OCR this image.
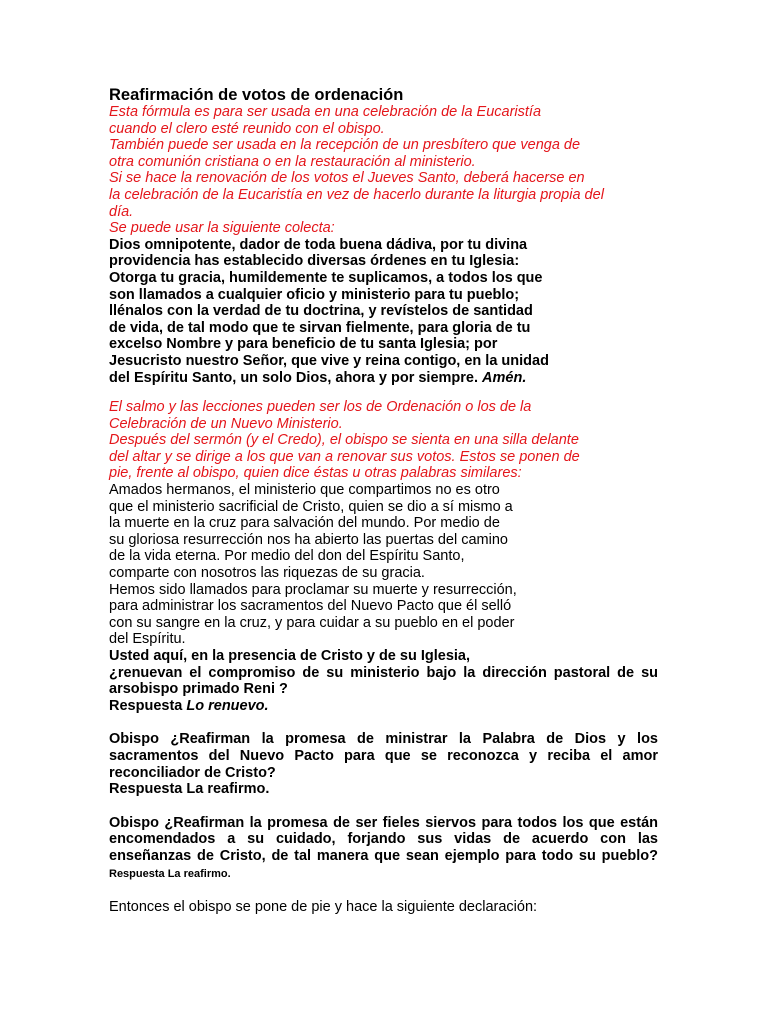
Reafirmación de votos de ordenación
Esta fórmula es para ser usada en una celebración de la Eucaristía
cuando el clero esté reunido con el obispo.
También puede ser usada en la recepción de un presbítero que venga de
otra comunión cristiana o en la restauración al ministerio.
Si se hace la renovación de los votos el Jueves Santo, deberá hacerse en
la celebración de la Eucaristía en vez de hacerlo durante la liturgia propia del
día.
Se puede usar la siguiente colecta:
Dios omnipotente, dador de toda buena dádiva, por tu divina
providencia has establecido diversas órdenes en tu Iglesia:
Otorga tu gracia, humildemente te suplicamos, a todos los que
son llamados a cualquier oficio y ministerio para tu pueblo;
llénalos con la verdad de tu doctrina, y revístelos de santidad
de vida, de tal modo que te sirvan fielmente, para gloria de tu
excelso Nombre y para beneficio de tu santa Iglesia; por
Jesucristo nuestro Señor, que vive y reina contigo, en la unidad
del Espíritu Santo, un solo Dios, ahora y por siempre. Amén.
El salmo y las lecciones pueden ser los de Ordenación o los de la
Celebración de un Nuevo Ministerio.
Después del sermón (y el Credo), el obispo se sienta en una silla delante
del altar y se dirige a los que van a renovar sus votos. Estos se ponen de
pie, frente al obispo, quien dice éstas u otras palabras similares:
Amados hermanos, el ministerio que compartimos no es otro
que el ministerio sacrificial de Cristo, quien se dio a sí mismo a
la muerte en la cruz para salvación del mundo. Por medio de
su gloriosa resurrección nos ha abierto las puertas del camino
de la vida eterna. Por medio del don del Espíritu Santo,
comparte con nosotros las riquezas de su gracia.
Hemos sido llamados para proclamar su muerte y resurrección,
para administrar los sacramentos del Nuevo Pacto que él selló
con su sangre en la cruz, y para cuidar a su pueblo en el poder
del Espíritu.
Usted aquí, en la presencia de Cristo y de su Iglesia,
¿renuevan el compromiso de su ministerio bajo la dirección pastoral de su arsobispo primado Reni ?
Respuesta Lo renuevo.
Obispo ¿Reafirman la promesa de ministrar la Palabra de Dios y los sacramentos del Nuevo Pacto para que se reconozca y reciba el amor reconciliador de Cristo?
Respuesta La reafirmo.
Obispo ¿Reafirman la promesa de ser fieles siervos para todos los que están encomendados a su cuidado, forjando sus vidas de acuerdo con las enseñanzas de Cristo, de tal manera que sean ejemplo para todo su pueblo? Respuesta La reafirmo.
Entonces el obispo se pone de pie y hace la siguiente declaración:
